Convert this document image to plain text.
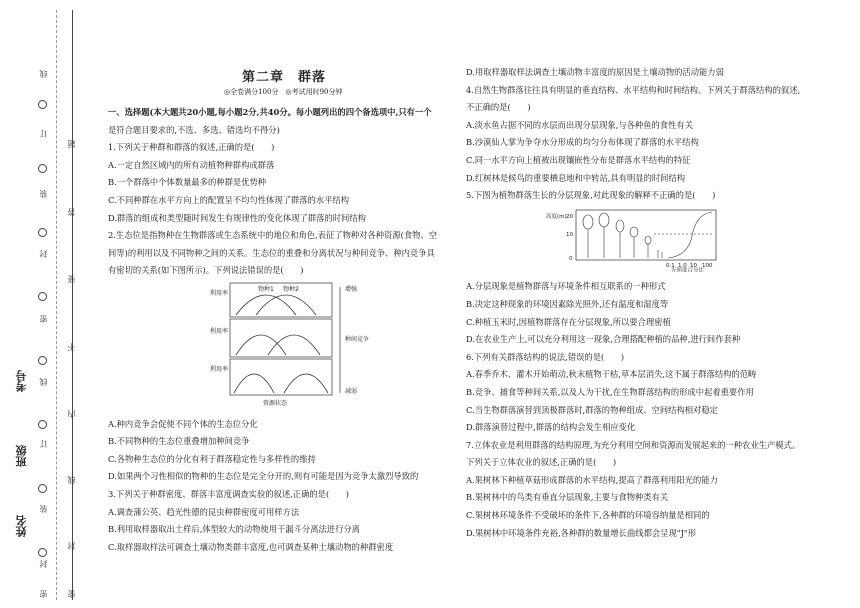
线
订
装
封
密
线
订
装
封
密
题
答
要
不
内
线
封
密
考号
班级
姓名
第二章　群落
◎全卷满分100分　◎考试用时90分钟

一、选择题(本大题共20小题,每小题2分,共40分。每小题列出的四个备选项中,只有一个

是符合题目要求的,不选、多选、错选均不得分)

1.下列关于种群和群落的叙述,正确的是(　　)

A.一定自然区域内的所有动植物种群构成群落

B.一个群落中个体数量最多的种群是优势种

C.不同种群在水平方向上的配置呈不均匀性体现了群落的水平结构

D.群落的组成和类型随时间发生有规律性的变化体现了群落的时间结构

2.生态位是指物种在生物群落或生态系统中的地位和角色,表征了物种对各种资源(食物、空

间等)的利用以及不同物种之间的关系。生态位的重叠和分离状况与种间竞争、种内竞争具

有密切的关系(如下图所示)。下列说法错误的是(　　)

物种1 物种2
利用率
利用率
利用率
增强
种间竞争
减弱
资源状态

A.种内竞争会促使不同个体的生态位分化

B.不同物种的生态位重叠增加种间竞争

C.各物种生态位的分化有利于群落稳定性与多样性的维持

D.如果两个习性相似的物种的生态位是完全分开的,则有可能是因为竞争太激烈导致的

3.下列关于种群密度、群落丰富度调查实验的叙述,正确的是(　　)

A.调查蒲公英、趋光性德的昆虫种群密度可用样方法

B.利用取样器取出土样后,体型较大的动物使用干漏斗分离法进行分离

C.取样器取样法可调查土壤动物类群丰富度,也可调查某种土壤动物的种群密度

D.用取样器取样法调查土壤动物丰富度的原因是土壤动物的活动能力弱

4.自然生物群落往往具有明显的垂直结构、水平结构和时间结构。下列关于群落结构的叙述,

不正确的是(　　)

A.淡水鱼占据不同的水层而出现分层现象,与各种鱼的食性有关

B.沙漠仙人掌为争夺水分形成的均匀分布体现了群落的水平结构

C.同一水平方向上植被出现镶嵌性分布是群落水平结构的特征

D.红树林是候鸟的重要栖息地和中转站,具有明显的时间结构

5.下图为植物群落生长的分层现象,对此现象的解释不正确的是(　　)

高度(m) 20
10
0
0.1 1.0 10 100
光照度百分比

A.分层现象是植物群落与环境条件相互联系的一种形式

B.决定这种现象的环境因素除光照外,还有温度和湿度等

C.种植玉米时,因植物群落存在分层现象,所以要合理密植

D.在农业生产上,可以充分利用这一现象,合理搭配种植的品种,进行间作套种

6.下列有关群落结构的说法,错误的是(　　)

A.春季乔木、灌木开始萌动,秋末植物干枯,草本层消失,这不属于群落结构的范畴

B.竞争、捕食等种间关系,以及人为干扰,在生物群落结构的形成中起着重要作用

C.当生物群落演替到顶极群落时,群落的物种组成、空间结构相对稳定

D.群落演替过程中,群落的结构会发生相应变化

7.立体农业是利用群落的结构原理,为充分利用空间和资源而发展起来的一种农业生产模式。

下列关于立体农业的叙述,正确的是(　　)

A.果树林下种植草菇形成群落的水平结构,提高了群落利用阳光的能力

B.果树林中的鸟类有垂直分层现象,主要与食物种类有关

C.果树林环境条件不受破坏的条件下,各种群的环境容纳量是相同的

D.果树林中环境条件充裕,各种群的数量增长曲线都会呈现"J"形
